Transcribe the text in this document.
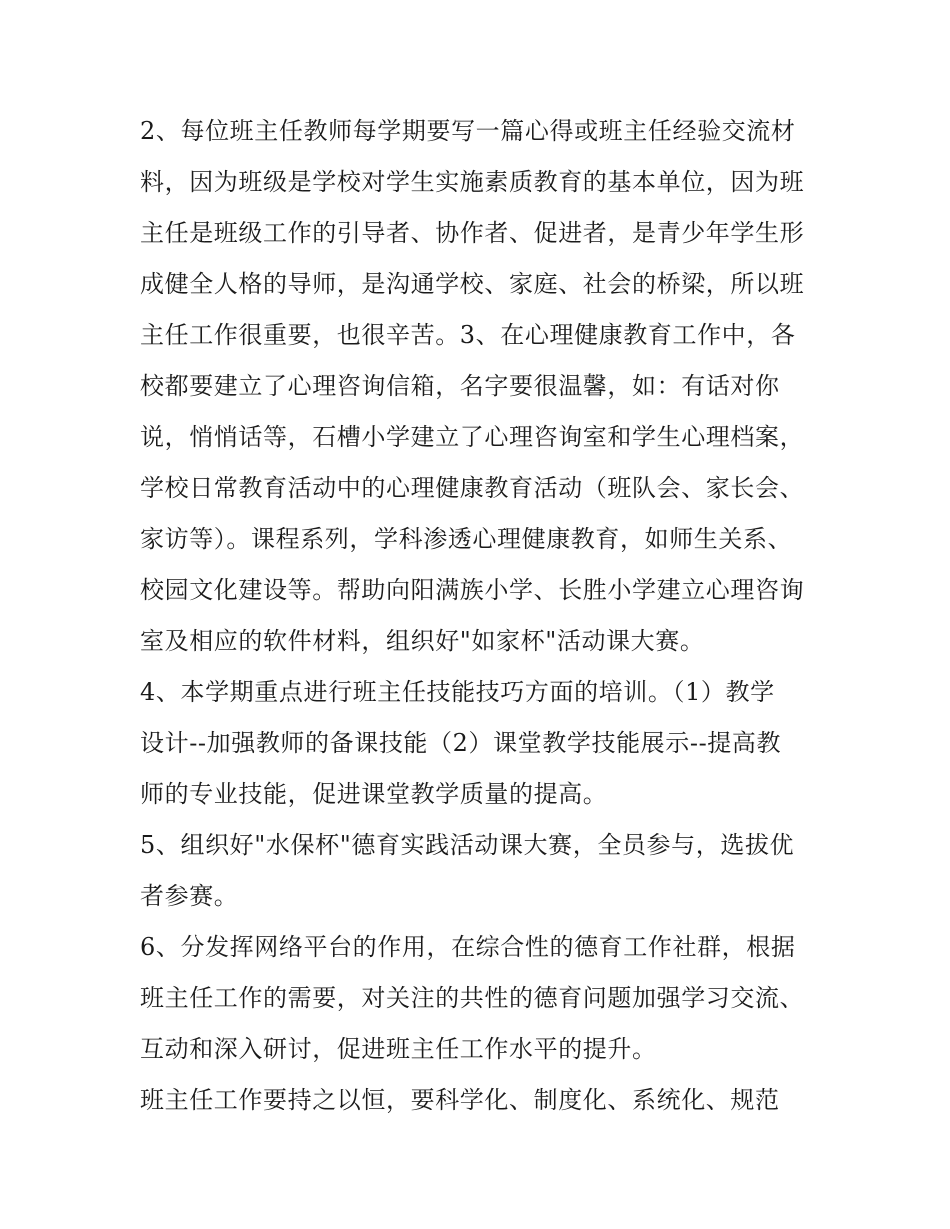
2、每位班主任教师每学期要写一篇心得或班主任经验交流材
料，因为班级是学校对学生实施素质教育的基本单位，因为班
主任是班级工作的引导者、协作者、促进者，是青少年学生形
成健全人格的导师，是沟通学校、家庭、社会的桥梁，所以班
主任工作很重要，也很辛苦。3、在心理健康教育工作中，各
校都要建立了心理咨询信箱，名字要很温馨，如：有话对你
说，悄悄话等，石槽小学建立了心理咨询室和学生心理档案，
学校日常教育活动中的心理健康教育活动（班队会、家长会、
家访等）。课程系列，学科渗透心理健康教育，如师生关系、
校园文化建设等。帮助向阳满族小学、长胜小学建立心理咨询
室及相应的软件材料，组织好"如家杯"活动课大赛。
4、本学期重点进行班主任技能技巧方面的培训。（1）教学
设计--加强教师的备课技能（2）课堂教学技能展示--提高教
师的专业技能，促进课堂教学质量的提高。
5、组织好"水保杯"德育实践活动课大赛，全员参与，选拔优
者参赛。
6、分发挥网络平台的作用，在综合性的德育工作社群，根据
班主任工作的需要，对关注的共性的德育问题加强学习交流、
互动和深入研讨，促进班主任工作水平的提升。
班主任工作要持之以恒，要科学化、制度化、系统化、规范
